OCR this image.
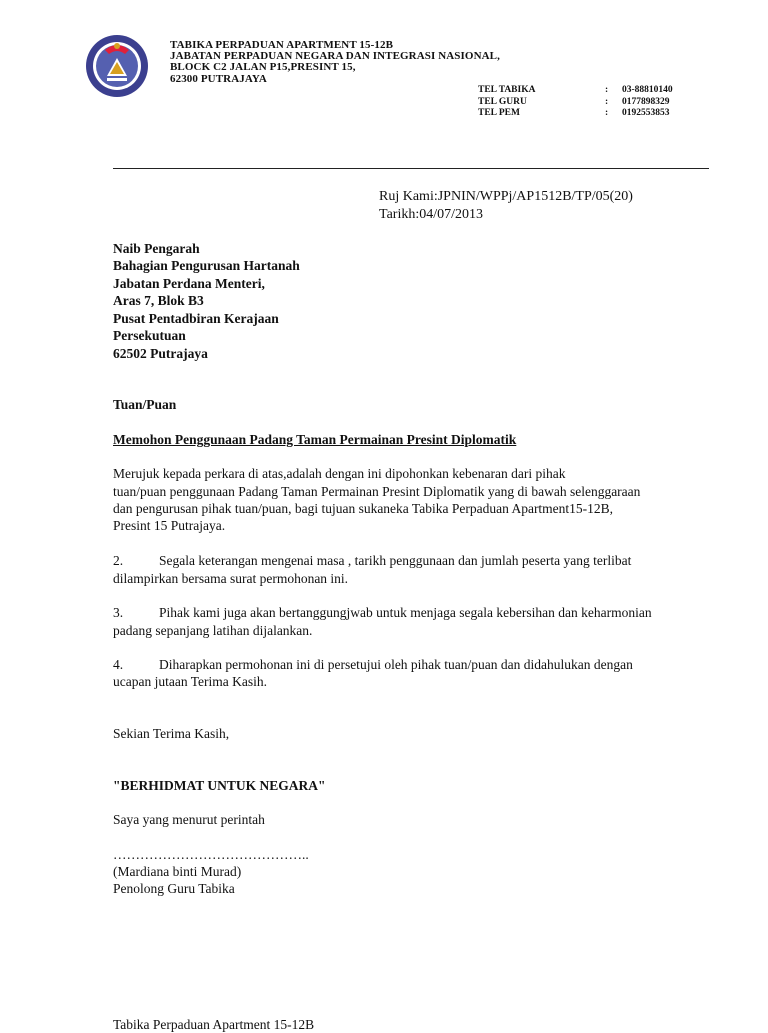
TABIKA PERPADUAN APARTMENT 15-12B
JABATAN PERPADUAN NEGARA DAN INTEGRASI NASIONAL,
BLOCK C2 JALAN P15,PRESINT 15,
62300 PUTRAJAYA
TEL TABIKA	: 03-88810140
TEL GURU	: 0177898329
TEL PEM	: 0192553853
Ruj Kami:JPNIN/WPPj/AP1512B/TP/05(20)
Tarikh:04/07/2013
Naib Pengarah
Bahagian Pengurusan Hartanah
Jabatan Perdana Menteri,
Aras 7, Blok B3
Pusat Pentadbiran Kerajaan
Persekutuan
62502 Putrajaya
Tuan/Puan
Memohon Penggunaan Padang Taman Permainan Presint Diplomatik
Merujuk kepada perkara di atas,adalah dengan ini dipohonkan kebenaran dari pihak
tuan/puan penggunaan Padang Taman Permainan Presint Diplomatik yang di bawah selenggaraan
dan pengurusan pihak tuan/puan, bagi tujuan sukaneka Tabika Perpaduan Apartment15-12B,
Presint 15 Putrajaya.
2.	Segala keterangan mengenai masa , tarikh penggunaan dan jumlah peserta yang terlibat
dilampirkan bersama surat permohonan ini.
3.	Pihak kami juga akan bertanggungjwab untuk menjaga segala kebersihan dan keharmonian
padang sepanjang latihan dijalankan.
4.	Diharapkan permohonan ini di persetujui oleh pihak tuan/puan dan didahulukan dengan
ucapan jutaan Terima Kasih.
Sekian Terima Kasih,
"BERHIDMAT UNTUK NEGARA"
Saya yang menurut perintah
……………………………………..
(Mardiana binti Murad)
Penolong Guru Tabika
Tabika Perpaduan Apartment 15-12B
